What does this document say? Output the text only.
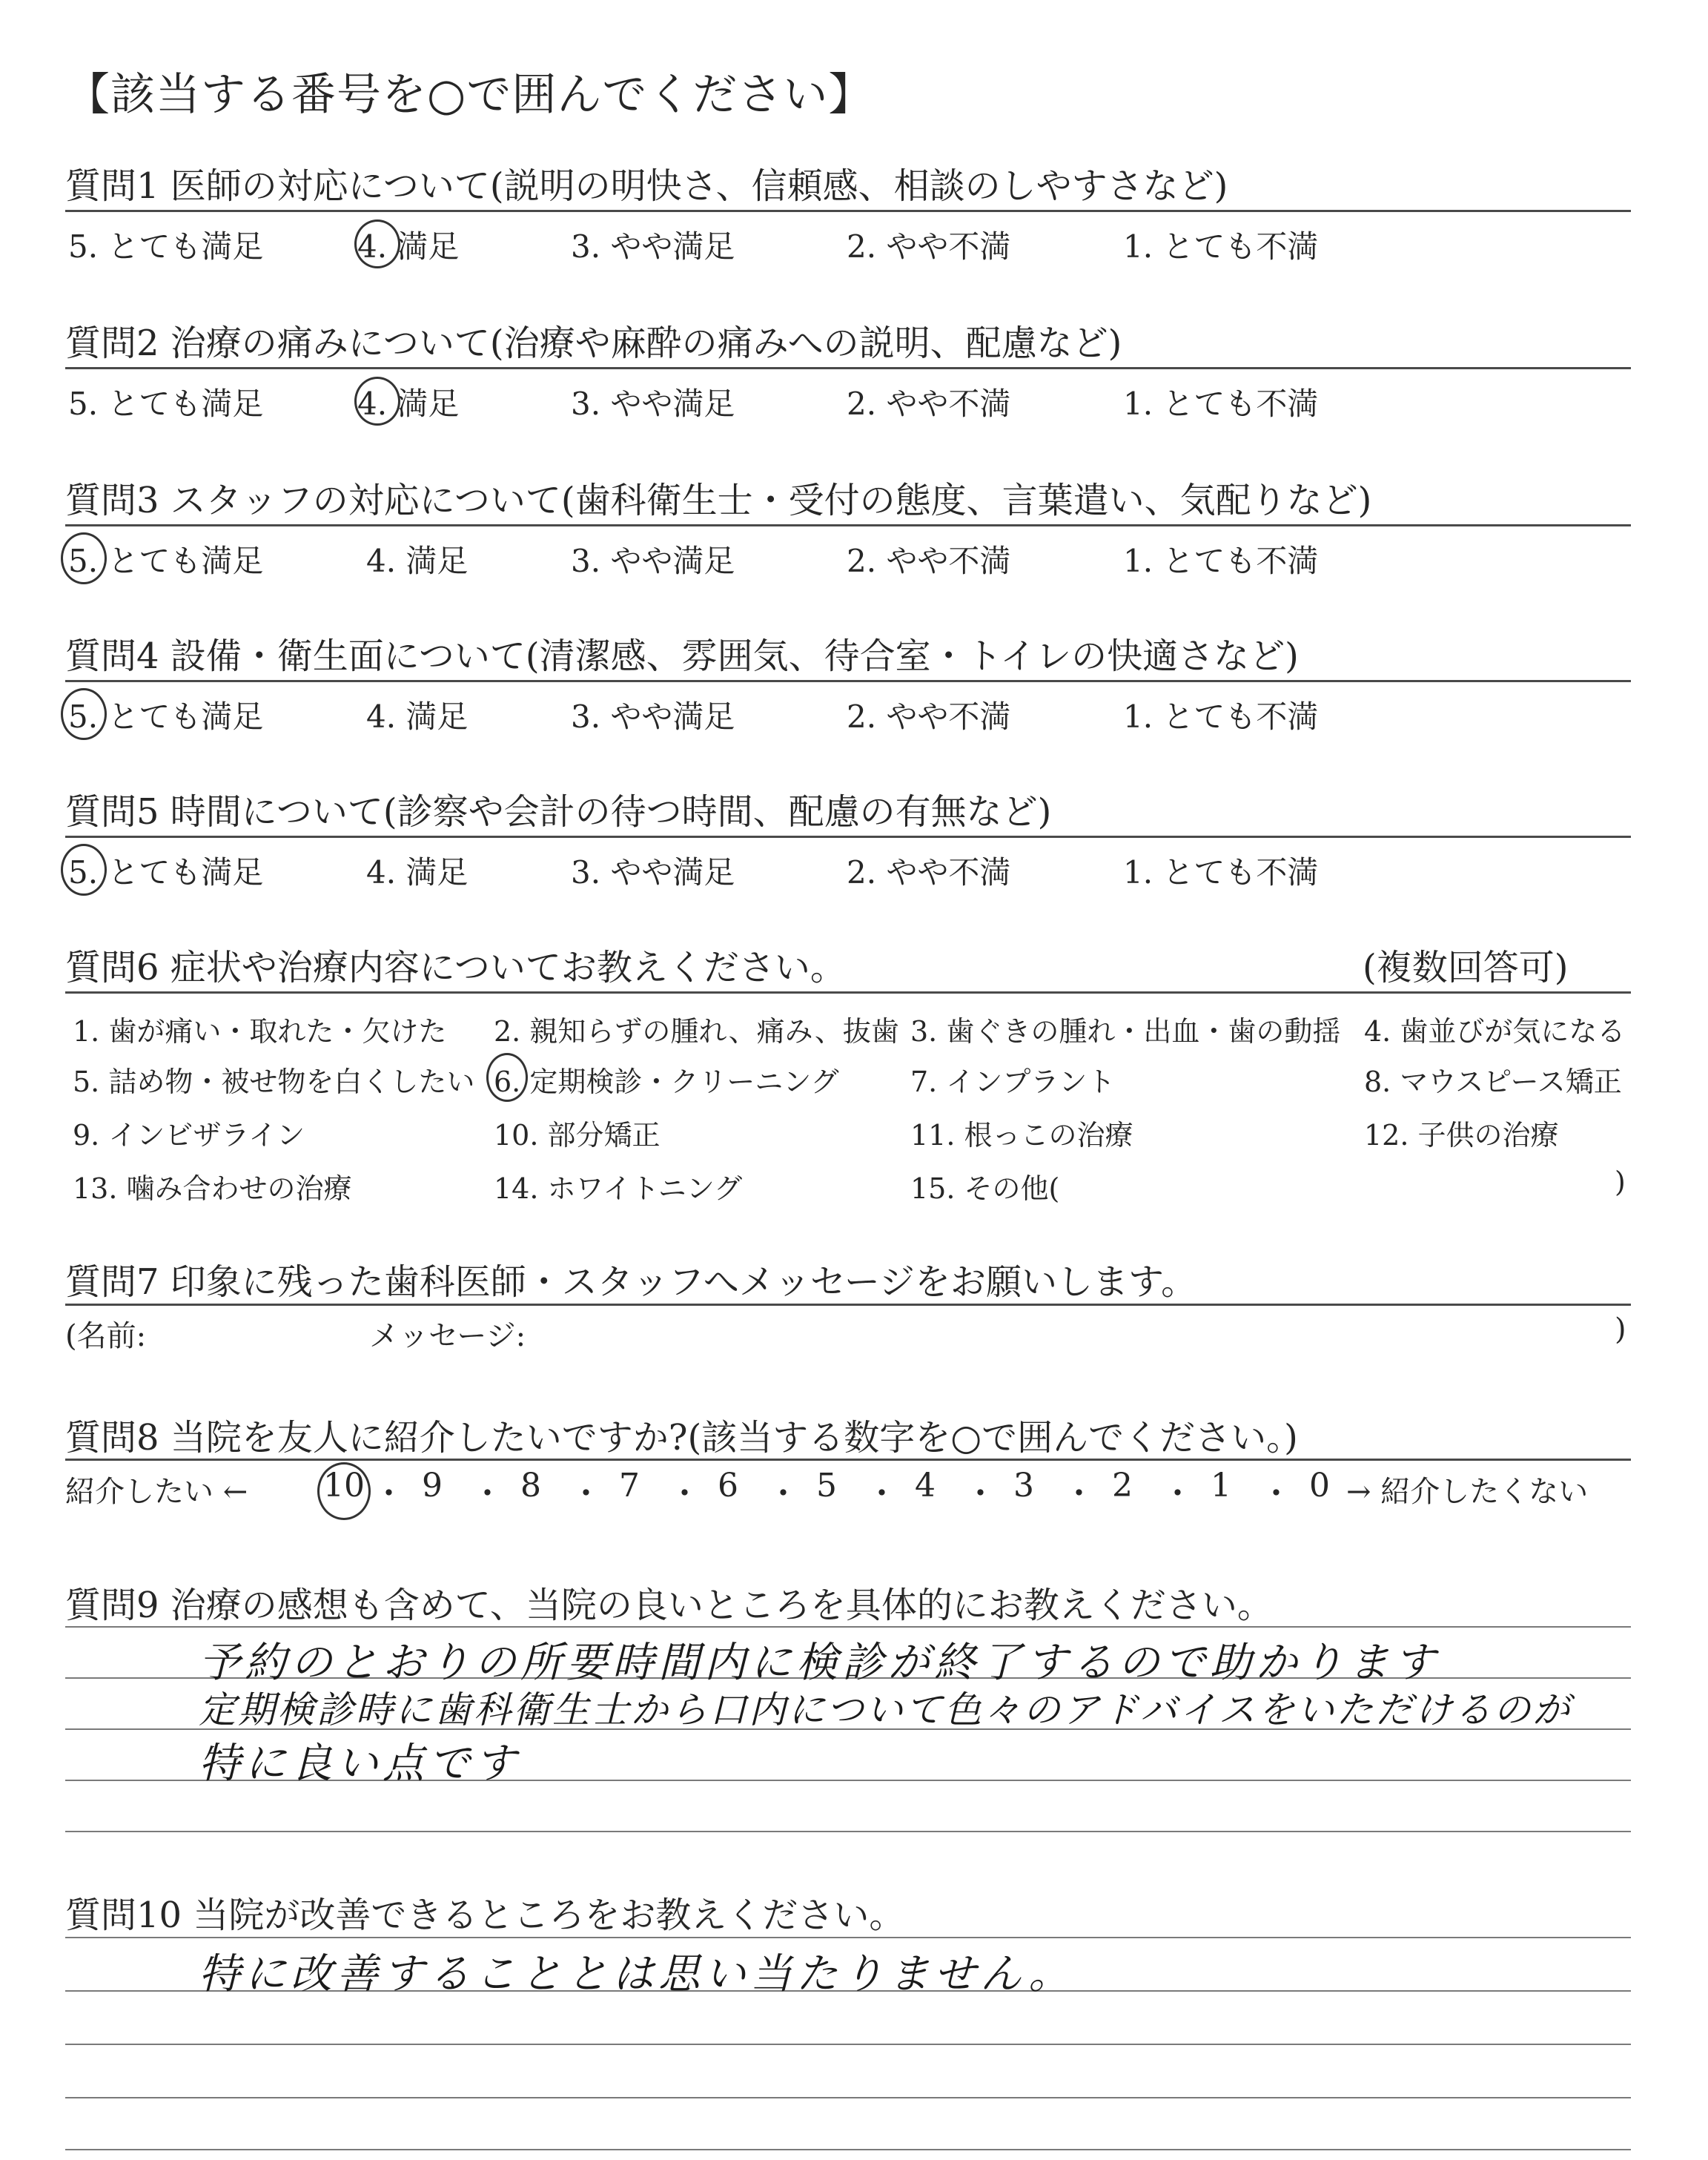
【該当する番号を○で囲んでください】
質問1 医師の対応について(説明の明快さ、信頼感、相談のしやすさなど)
5. とても満足	4. 満足	3. やや満足	2. やや不満	1. とても不満
質問2 治療の痛みについて(治療や麻酔の痛みへの説明、配慮など)
5. とても満足	4. 満足	3. やや満足	2. やや不満	1. とても不満
質問3 スタッフの対応について(歯科衛生士・受付の態度、言葉遣い、気配りなど)
5. とても満足	4. 満足	3. やや満足	2. やや不満	1. とても不満
質問4 設備・衛生面について(清潔感、雰囲気、待合室・トイレの快適さなど)
5. とても満足	4. 満足	3. やや満足	2. やや不満	1. とても不満
質問5 時間について(診察や会計の待つ時間、配慮の有無など)
5. とても満足	4. 満足	3. やや満足	2. やや不満	1. とても不満
質問6 症状や治療内容についてお教えください。	(複数回答可)
1. 歯が痛い・取れた・欠けた 2. 親知らずの腫れ、痛み、抜歯 3. 歯ぐきの腫れ・出血・歯の動揺 4. 歯並びが気になる
5. 詰め物・被せ物を白くしたい 6. 定期検診・クリーニング	7. インプラント	8. マウスピース矯正
9. インビザライン	10. 部分矯正	11. 根っこの治療	12. 子供の治療
13. 噛み合わせの治療	14. ホワイトニング	15. その他(	)
質問7 印象に残った歯科医師・スタッフへメッセージをお願いします。
(名前:	メッセージ:	)
質問8 当院を友人に紹介したいですか?(該当する数字を○で囲んでください。)
紹介したい ←	→ 紹介したくない
質問9 治療の感想も含めて、当院の良いところを具体的にお教えください。
予約のとおりの所要時間内に検診が終了するので助かります
定期検診時に歯科衛生士から口内について色々のアドバイスをいただけるのが
特に良い点です
質問10 当院が改善できるところをお教えください。
特に改善することとは思い当たりません。
10 ・ 9 ・ 8 ・ 7 ・ 6 ・ 5 ・ 4 ・ 3 ・ 2 ・ 1 ・ 0
